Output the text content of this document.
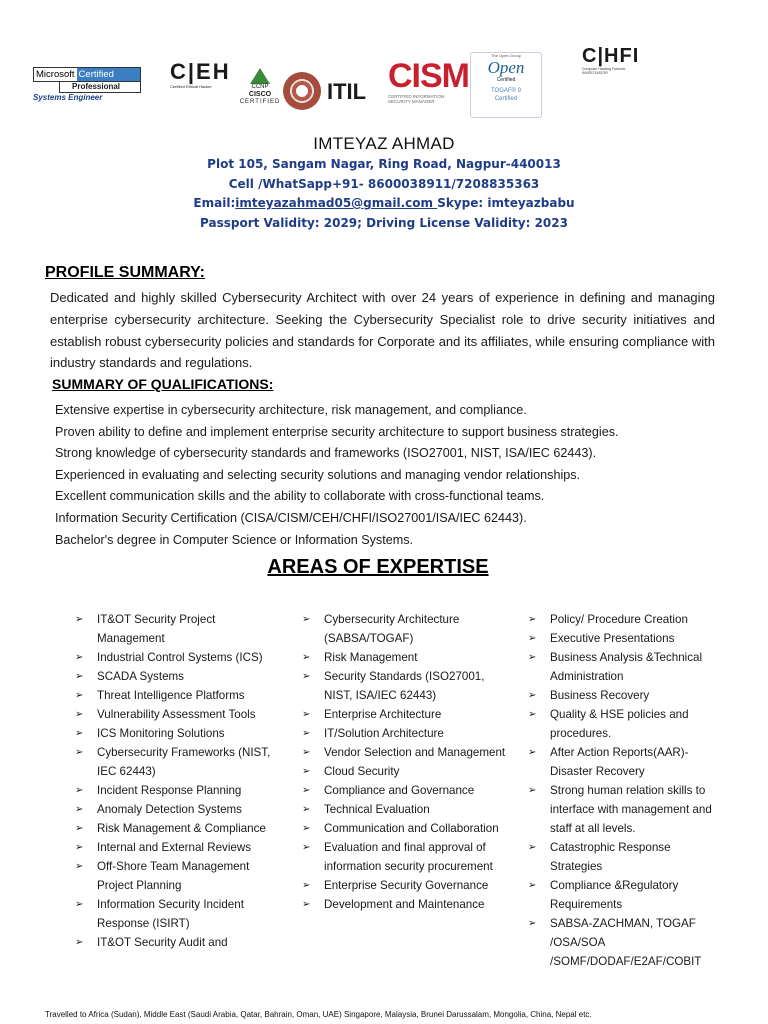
Microsoft Certified
Professional
Systems Engineer
C|EH
Certified Ethical Hacker	CCNP
CISCO
CERTIFIED ITIL CISM
CERTIFIED INFORMATION SECURITY MANAGER
The Open Group
Open
Certified
TOGAF® 9
Certified
C|HFI
Computer Hacking Forensic INVESTIGATOR
IMTEYAZ AHMAD
Plot 105, Sangam Nagar, Ring Road, Nagpur-440013
Cell /WhatSapp+91- 8600038911/7208835363
Email:imteyazahmad05@gmail.com Skype: imteyazbabu
Passport Validity: 2029; Driving License Validity: 2023
PROFILE SUMMARY:
Dedicated and highly skilled Cybersecurity Architect with over 24 years of experience in defining and managing enterprise cybersecurity architecture. Seeking the Cybersecurity Specialist role to drive security initiatives and establish robust cybersecurity policies and standards for Corporate and its affiliates, while ensuring compliance with industry standards and regulations.
SUMMARY OF QUALIFICATIONS:
Extensive expertise in cybersecurity architecture, risk management, and compliance.
Proven ability to define and implement enterprise security architecture to support business strategies.
Strong knowledge of cybersecurity standards and frameworks (ISO27001, NIST, ISA/IEC 62443).
Experienced in evaluating and selecting security solutions and managing vendor relationships.
Excellent communication skills and the ability to collaborate with cross-functional teams.
Information Security Certification (CISA/CISM/CEH/CHFI/ISO27001/ISA/IEC 62443).
Bachelor's degree in Computer Science or Information Systems.
AREAS OF EXPERTISE
➢ IT&OT Security Project Management
➢ Industrial Control Systems (ICS)
➢ SCADA Systems
➢ Threat Intelligence Platforms
➢ Vulnerability Assessment Tools
➢ ICS Monitoring Solutions
➢ Cybersecurity Frameworks (NIST, IEC 62443)
➢ Incident Response Planning
➢ Anomaly Detection Systems
➢ Risk Management & Compliance
➢ Internal and External Reviews
➢ Off-Shore Team Management Project Planning
➢ Information Security Incident Response (ISIRT)
➢ IT&OT Security Audit and
➢ Cybersecurity Architecture (SABSA/TOGAF)
➢ Risk Management
➢ Security Standards (ISO27001, NIST, ISA/IEC 62443)
➢ Enterprise Architecture
➢ IT/Solution Architecture
➢ Vendor Selection and Management
➢ Cloud Security
➢ Compliance and Governance
➢ Technical Evaluation
➢ Communication and Collaboration
➢ Evaluation and final approval of information security procurement
➢ Enterprise Security Governance
➢ Development and Maintenance
➢ Policy/ Procedure Creation
➢ Executive Presentations
➢ Business Analysis &Technical Administration
➢ Business Recovery
➢ Quality & HSE policies and procedures.
➢ After Action Reports(AAR)- Disaster Recovery
➢ Strong human relation skills to interface with management and staff at all levels.
➢ Catastrophic Response Strategies
➢ Compliance &Regulatory Requirements
➢ SABSA-ZACHMAN, TOGAF /OSA/SOA /SOMF/DODAF/E2AF/COBIT
Travelled to Africa (Sudan), Middle East (Saudi Arabia, Qatar, Bahrain, Oman, UAE) Singapore, Malaysia, Brunei Darussalam, Mongolia, China, Nepal etc.
